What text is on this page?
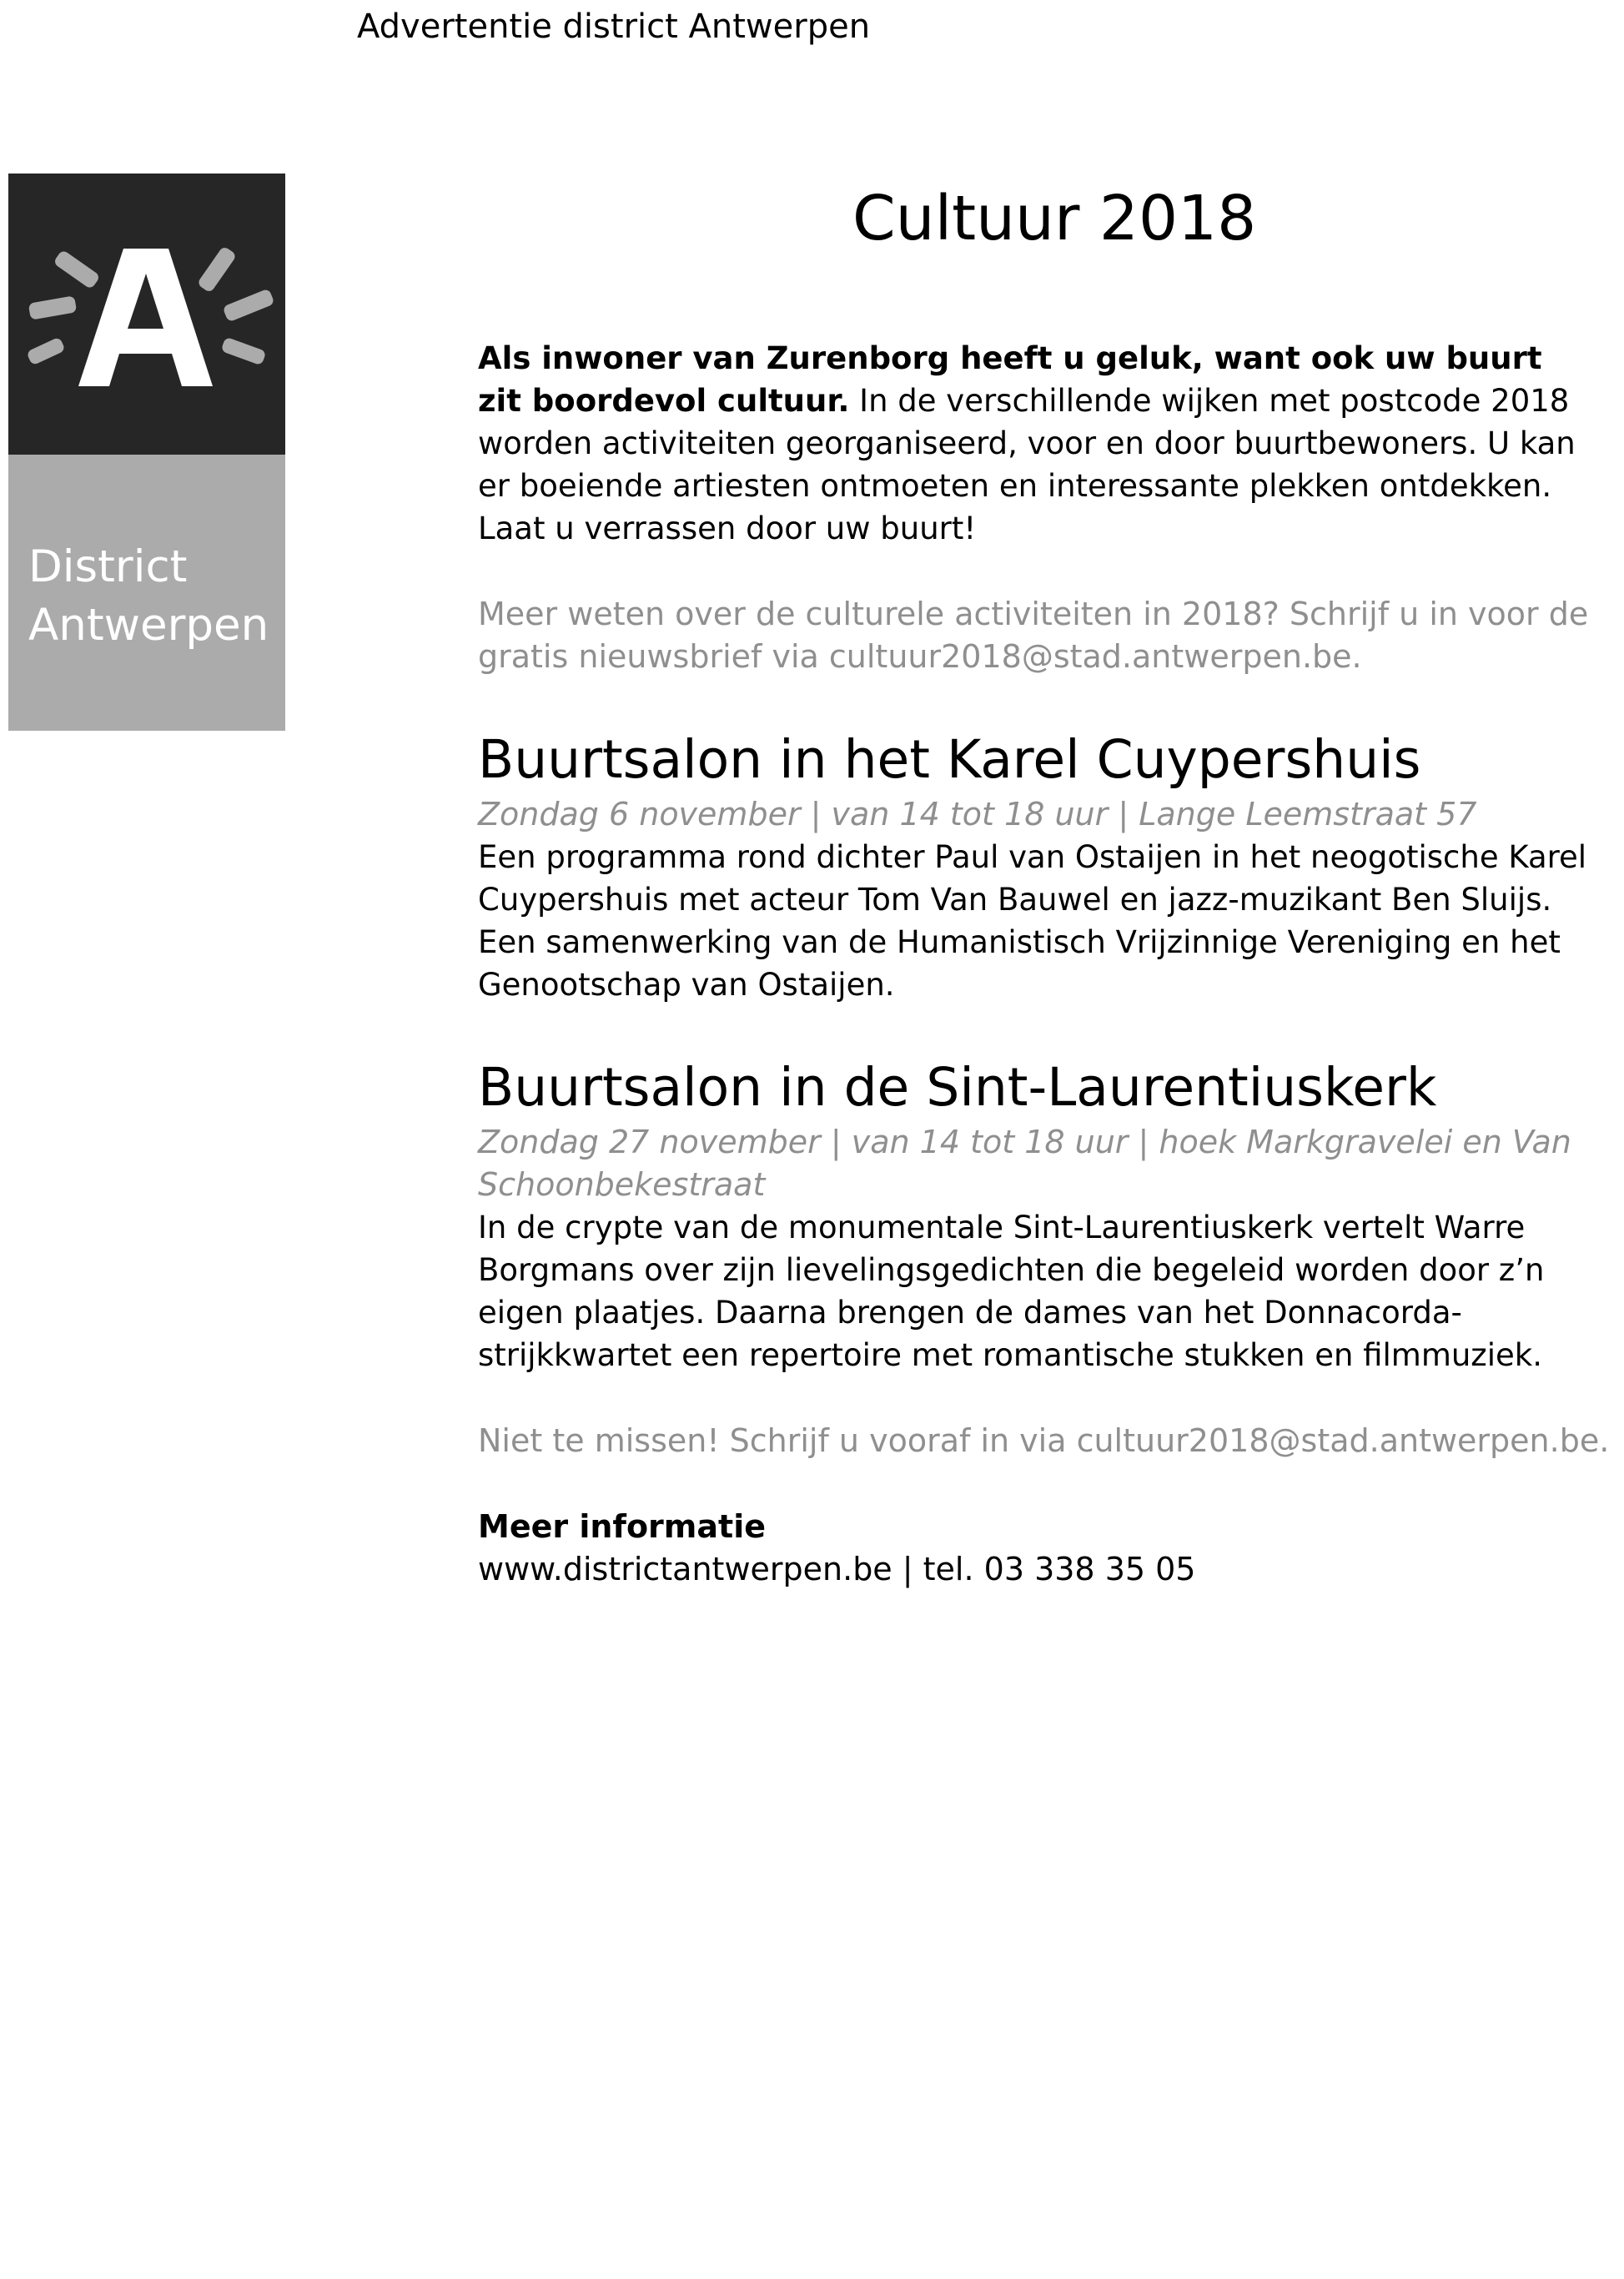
Advertentie district Antwerpen
District
Antwerpen
Cultuur 2018

Als inwoner van Zurenborg heeft u geluk, want ook uw buurt zit boordevol cultuur. In de verschillende wijken met postcode 2018 worden activiteiten georganiseerd, voor en door buurtbewoners. U kan er boeiende artiesten ontmoeten en interessante plekken ontdekken. Laat u verrassen door uw buurt!

Meer weten over de culturele activiteiten in 2018? Schrijf u in voor de gratis nieuwsbrief via cultuur2018@stad.antwerpen.be.

Buurtsalon in het Karel Cuypershuis

Zondag 6 november | van 14 tot 18 uur | Lange Leemstraat 57

Een programma rond dichter Paul van Ostaijen in het neogotische Karel Cuypershuis met acteur Tom Van Bauwel en jazz-muzikant Ben Sluijs. Een samenwerking van de Humanistisch Vrijzinnige Vereniging en het Genootschap van Ostaijen.

Buurtsalon in de Sint-Laurentiuskerk

Zondag 27 november | van 14 tot 18 uur | hoek Markgravelei en Van Schoonbekestraat

In de crypte van de monumentale Sint-Laurentiuskerk vertelt Warre Borgmans over zijn lievelingsgedichten die begeleid worden door z’n eigen plaatjes. Daarna brengen de dames van het Donnacorda-strijkkwartet een repertoire met romantische stukken en filmmuziek.

Niet te missen! Schrijf u vooraf in via cultuur2018@stad.antwerpen.be.

Meer informatie

www.districtantwerpen.be | tel. 03 338 35 05
